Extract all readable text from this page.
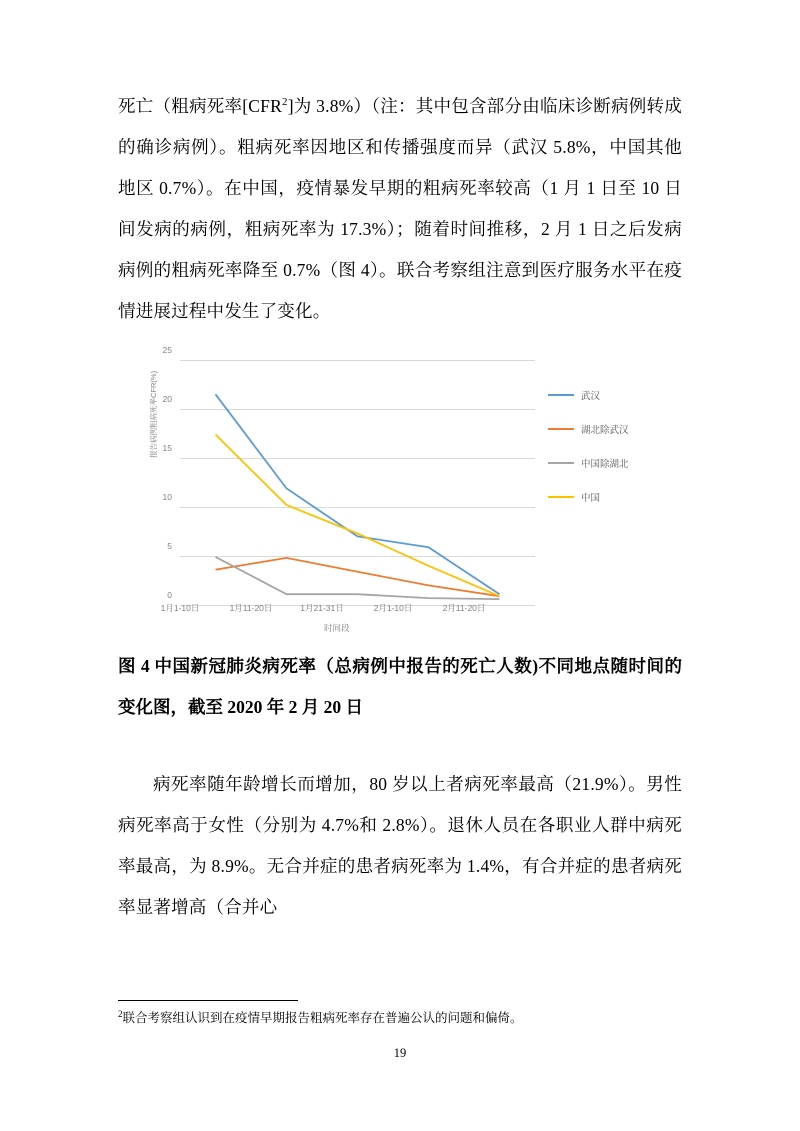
死亡（粗病死率[CFR$^2$]为 3.8%）（注：其中包含部分由临床诊断病例转成的确诊病例）。粗病死率因地区和传播强度而异（武汉 5.8%，中国其他地区 0.7%）。在中国，疫情暴发早期的粗病死率较高（1 月 1 日至 10 日间发病的病例，粗病死率为 17.3%）；随着时间推移，2 月 1 日之后发病病例的粗病死率降至 0.7%（图 4）。联合考察组注意到医疗服务水平在疫情进展过程中发生了变化。

报告病例粗病死率CFR(%)
0
5
10
15
20
25
1月1-10日	1月11-20日	1月21-31日	2月1-10日	2月11-20日
时间段
武汉
湖北除武汉
中国除湖北
中国

图 4 中国新冠肺炎病死率（总病例中报告的死亡人数)不同地点随时间的变化图，截至 2020 年 2 月 20 日

病死率随年龄增长而增加，80 岁以上者病死率最高（21.9%）。男性病死率高于女性（分别为 4.7%和 2.8%）。退休人员在各职业人群中病死率最高，为 8.9%。无合并症的患者病死率为 1.4%，有合并症的患者病死率显著增高（合并心

$^2$联合考察组认识到在疫情早期报告粗病死率存在普遍公认的问题和偏倚。
19
